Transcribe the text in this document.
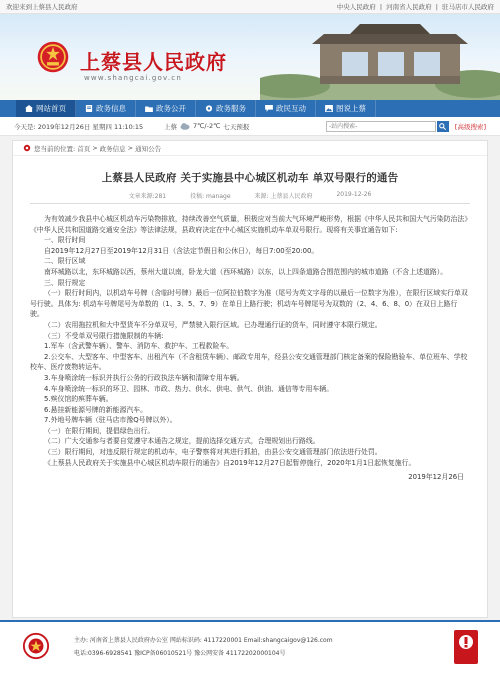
欢迎来到上蔡县人民政府	中央人民政府 | 河南省人民政府 | 驻马店市人民政府
上蔡县人民政府
www.shangcai.gov.cn
网站首页	政务信息	政务公开	政务服务	政民互动	图说上蔡
今天是: 2019年12月26日 星期四 11:10:15	上蔡 7℃/-2℃ 七天预报
-站内搜索-	[高级搜索]
您当前的位置: 首页 > 政务信息 > 通知公告
上蔡县人民政府 关于实施县中心城区机动车 单双号限行的通告
文章来源:281	投稿: manage	来源: 上蔡县人民政府	2019-12-26

为有效减少我县中心城区机动车污染物排放，持续改善空气质量，积极应对当前大气环境严峻形势，根据《中华人民共和国大气污染防治法》《中华人民共和国道路交通安全法》等法律法规，县政府决定在中心城区实施机动车单双号限行。现将有关事宜通告如下:

一、限行时间

自2019年12月27日至2019年12月31日（含法定节假日和公休日），每日7:00至20:00。

二、限行区域

南环城路以北，东环城路以西，蔡州大道以南，卧龙大道（西环城路）以东，以上四条道路合围范围内的城市道路（不含上述道路）。

三、限行规定

（一）限行时间内，以机动车号牌（含临时号牌）最后一位阿拉伯数字为准（尾号为英文字母的以最后一位数字为准），在限行区域实行单双号行驶。具体为: 机动车号牌尾号为单数的（1、3、5、7、9）在单日上路行驶；机动车号牌尾号为双数的（2、4、6、8、0）在双日上路行驶。

（二）农用拖拉机和大中型货车不分单双号，严禁驶入限行区域。已办理通行证的货车，同时遵守本限行规定。

（三）不受单双号限行措施限制的车辆:

1.军车（含武警车辆）、警车、消防车、救护车、工程救险车。

2.公交车、大型客车、中型客车、出租汽车（不含租赁车辆）、邮政专用车，经县公安交通管理部门核定备案的保险勘验车、单位班车、学校校车、医疗废物转运车。

3.车身喷涂统一标识并执行公务的行政执法车辆和清障专用车辆。

4.车身喷涂统一标识的环卫、园林、市政、热力、供水、供电、供气、供油、通信等专用车辆。

5.殡仪馆的殡葬车辆。

6.悬挂新能源号牌的新能源汽车。

7.外地号牌车辆（驻马店市豫Q号牌以外）。

（一）在限行期间，提倡绿色出行。

（二）广大交通参与者要自觉遵守本通告之规定，提前选择交通方式，合理规划出行路线。

（三）限行期间，对违反限行规定的机动车，电子警察将对其进行抓拍，由县公安交通管理部门依法进行处罚。

《上蔡县人民政府关于实施县中心城区机动车限行的通告》自2019年12月27日起暂停施行，2020年1月1日起恢复施行。

2019年12月26日

主办: 河南省上蔡县人民政府办公室 网站标识码: 4117220001 Email:shangcaigov@126.com
电话:0396-6928541 豫ICP备06010521号 豫公网安备 41172202000104号
